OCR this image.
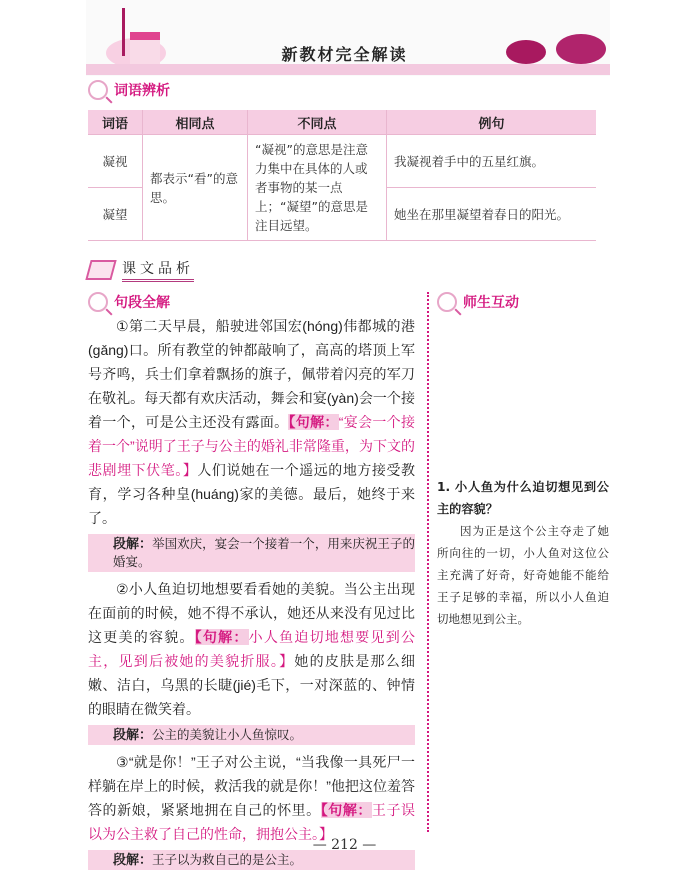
新教材完全解读
词语辨析
词语	相同点	不同点	例句
凝视	都表示“看”的意思。	“凝视”的意思是注意力集中在具体的人或者事物的某一点上；“凝望”的意思是注目远望。	我凝视着手中的五星红旗。
凝望			她坐在那里凝望着春日的阳光。
课文品析
句段全解	师生互动

①第二天早晨，船驶进邻国宏(hóng)伟都城的港(gǎng)口。所有教堂的钟都敲响了，高高的塔顶上军号齐鸣，兵士们拿着飘扬的旗子，佩带着闪亮的军刀在敬礼。每天都有欢庆活动，舞会和宴(yàn)会一个接着一个，可是公主还没有露面。【句解：“宴会一个接着一个”说明了王子与公主的婚礼非常隆重，为下文的悲剧埋下伏笔。】人们说她在一个遥远的地方接受教育，学习各种皇(huáng)家的美德。最后，她终于来了。

段解：举国欢庆，宴会一个接着一个，用来庆祝王子的婚宴。

②小人鱼迫切地想要看看她的美貌。当公主出现在面前的时候，她不得不承认，她还从来没有见过比这更美的容貌。【句解：小人鱼迫切地想要见到公主，见到后被她的美貌折服。】她的皮肤是那么细嫩、洁白，乌黑的长睫(jié)毛下，一对深蓝的、钟情的眼睛在微笑着。

段解：公主的美貌让小人鱼惊叹。

③“就是你！”王子对公主说，“当我像一具死尸一样躺在岸上的时候，救活我的就是你！”他把这位羞答答的新娘，紧紧地拥在自己的怀里。【句解：王子误以为公主救了自己的性命，拥抱公主。】

段解：王子以为救自己的是公主。
1. 小人鱼为什么迫切想见到公主的容貌？
因为正是这个公主夺走了她所向往的一切，小人鱼对这位公主充满了好奇，好奇她能不能给王子足够的幸福，所以小人鱼迫切地想见到公主。
— 212 —
